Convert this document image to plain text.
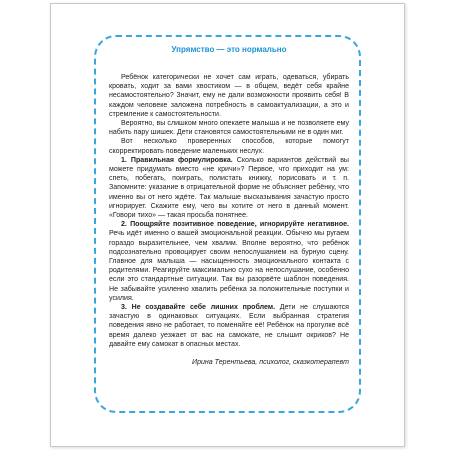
Упрямство — это нормально

Ребёнок категорически не хочет сам играть, одеваться, убирать кровать, ходит за вами хвостиком — в общем, ведёт себя крайне несамостоятельно? Значит, ему не дали возможности проявить себя! В каждом человеке заложена потребность в самоактуализации, а это и стремление к самостоятельности.

Вероятно, вы слишком много опекаете малыша и не позволяете ему набить пару шишек. Дети становятся самостоятельными не в один миг.

Вот несколько проверенных способов, которые помогут скорректировать поведение маленьких неслух.

1. Правильная формулировка. Сколько вариантов действий вы можете придумать вместо «не кричи»? Первое, что приходит на ум: спеть, побегать, поиграть, полистать книжку, порисовать и т. п. Запомните: указание в отрицательной форме не объясняет ребёнку, что именно вы от него ждёте. Так малыше высказывания зачастую просто игнорирует. Скажите ему, чего вы хотите от него в данный момент. «Говори тихо» — такая просьба понятнее.

2. Поощряйте позитивное поведение, игнорируйте негативное. Речь идёт именно о вашей эмоциональной реакции. Обычно мы ругаем гораздо выразительнее, чем хвалим. Вполне вероятно, что ребёнок подсознательно провоцирует своим непослушанием на бурную сцену. Главное для малыша — насыщенность эмоционального контакта с родителями. Реагируйте максимально сухо на непослушание, особенно если это стандартные ситуации. Так вы разорвёте шаблон поведения. Не забывайте усиленно хвалить ребёнка за положительные поступки и усилия.

3. Не создавайте себе лишних проблем. Дети не слушаются зачастую в одинаковых ситуациях. Если выбранная стратегия поведения явно не работает, то поменяйте её! Ребёнок на прогулке всё время далеко уезжает от вас на самокате, не слышит окриков? Не давайте ему самокат в опасных местах.

Ирина Терентьева, психолог, сказкотерапевт
